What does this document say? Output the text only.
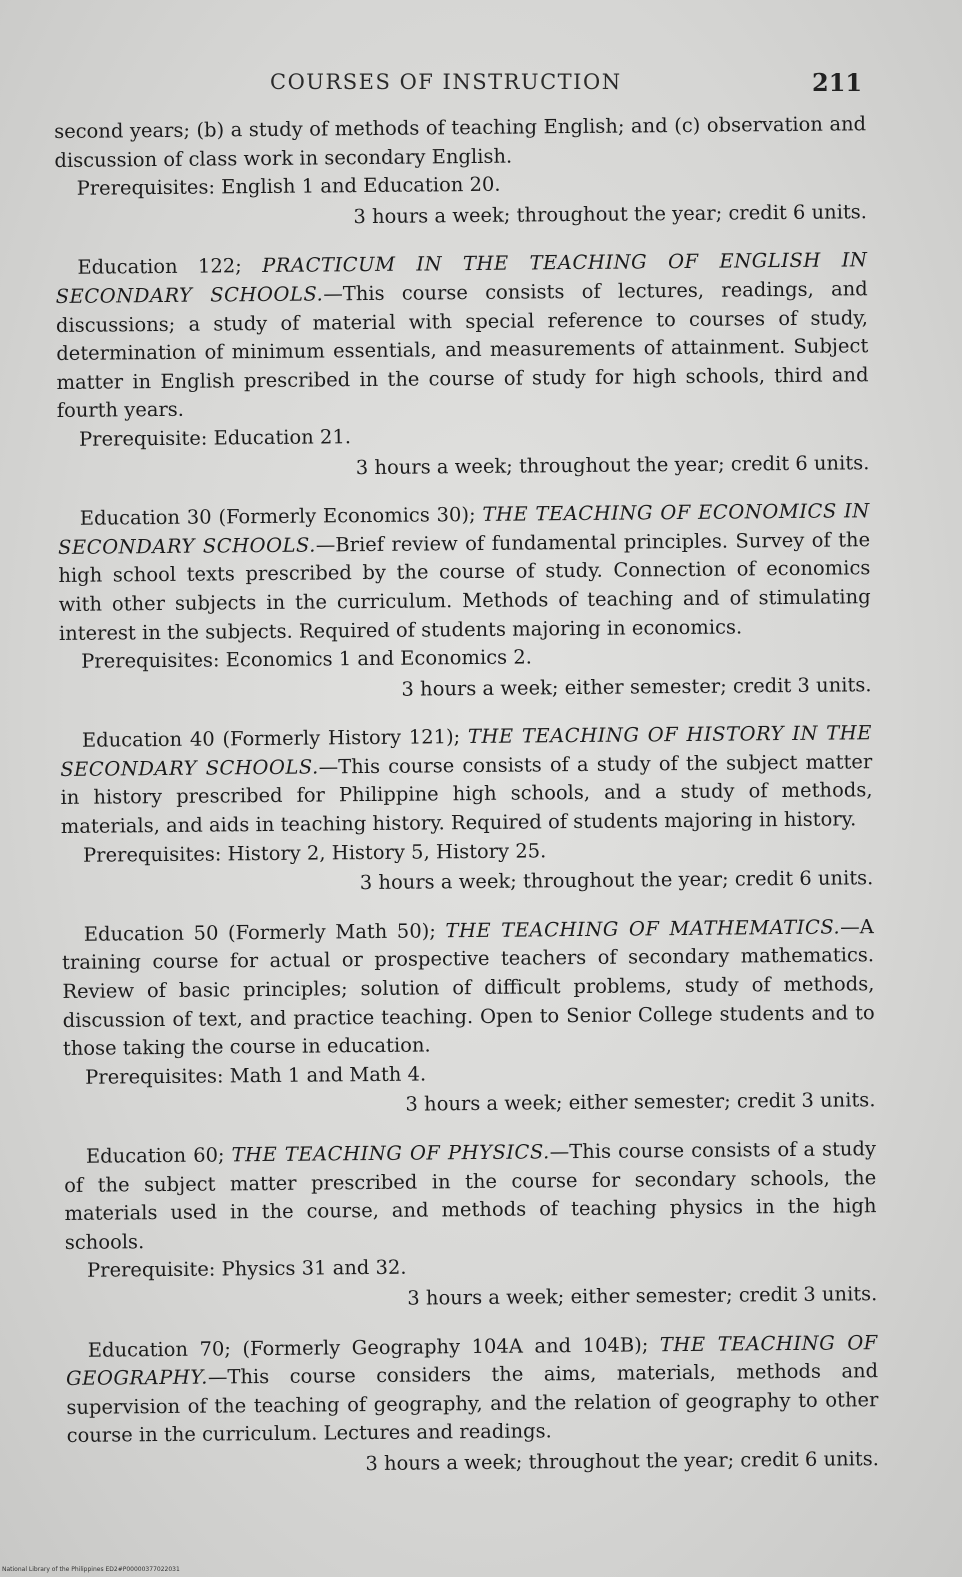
COURSES OF INSTRUCTION	211

second years; (b) a study of methods of teaching English; and (c) observation and discussion of class work in secondary English.

Prerequisites: English 1 and Education 20.

3 hours a week; throughout the year; credit 6 units.

Education 122; PRACTICUM IN THE TEACHING OF ENGLISH IN SECONDARY SCHOOLS.—This course consists of lectures, readings, and discussions; a study of material with special reference to courses of study, determination of minimum essentials, and measurements of attainment. Subject matter in English prescribed in the course of study for high schools, third and fourth years.

Prerequisite: Education 21.

3 hours a week; throughout the year; credit 6 units.

Education 30 (Formerly Economics 30); THE TEACHING OF ECONOMICS IN SECONDARY SCHOOLS.—Brief review of fundamental principles. Survey of the high school texts prescribed by the course of study. Connection of economics with other subjects in the curriculum. Methods of teaching and of stimulating interest in the subjects. Required of students majoring in economics.

Prerequisites: Economics 1 and Economics 2.

3 hours a week; either semester; credit 3 units.

Education 40 (Formerly History 121); THE TEACHING OF HISTORY IN THE SECONDARY SCHOOLS.—This course consists of a study of the subject matter in history prescribed for Philippine high schools, and a study of methods, materials, and aids in teaching history. Required of students majoring in history.

Prerequisites: History 2, History 5, History 25.

3 hours a week; throughout the year; credit 6 units.

Education 50 (Formerly Math 50); THE TEACHING OF MATHEMATICS.—A training course for actual or prospective teachers of secondary mathematics. Review of basic principles; solution of difficult problems, study of methods, discussion of text, and practice teaching. Open to Senior College students and to those taking the course in education.

Prerequisites: Math 1 and Math 4.

3 hours a week; either semester; credit 3 units.

Education 60; THE TEACHING OF PHYSICS.—This course consists of a study of the subject matter prescribed in the course for secondary schools, the materials used in the course, and methods of teaching physics in the high schools.

Prerequisite: Physics 31 and 32.

3 hours a week; either semester; credit 3 units.

Education 70; (Formerly Geography 104A and 104B); THE TEACHING OF GEOGRAPHY.—This course considers the aims, materials, methods and supervision of the teaching of geography, and the relation of geography to other course in the curriculum. Lectures and readings.

3 hours a week; throughout the year; credit 6 units.

National Library of the Philippines ED2#P00000377022031
